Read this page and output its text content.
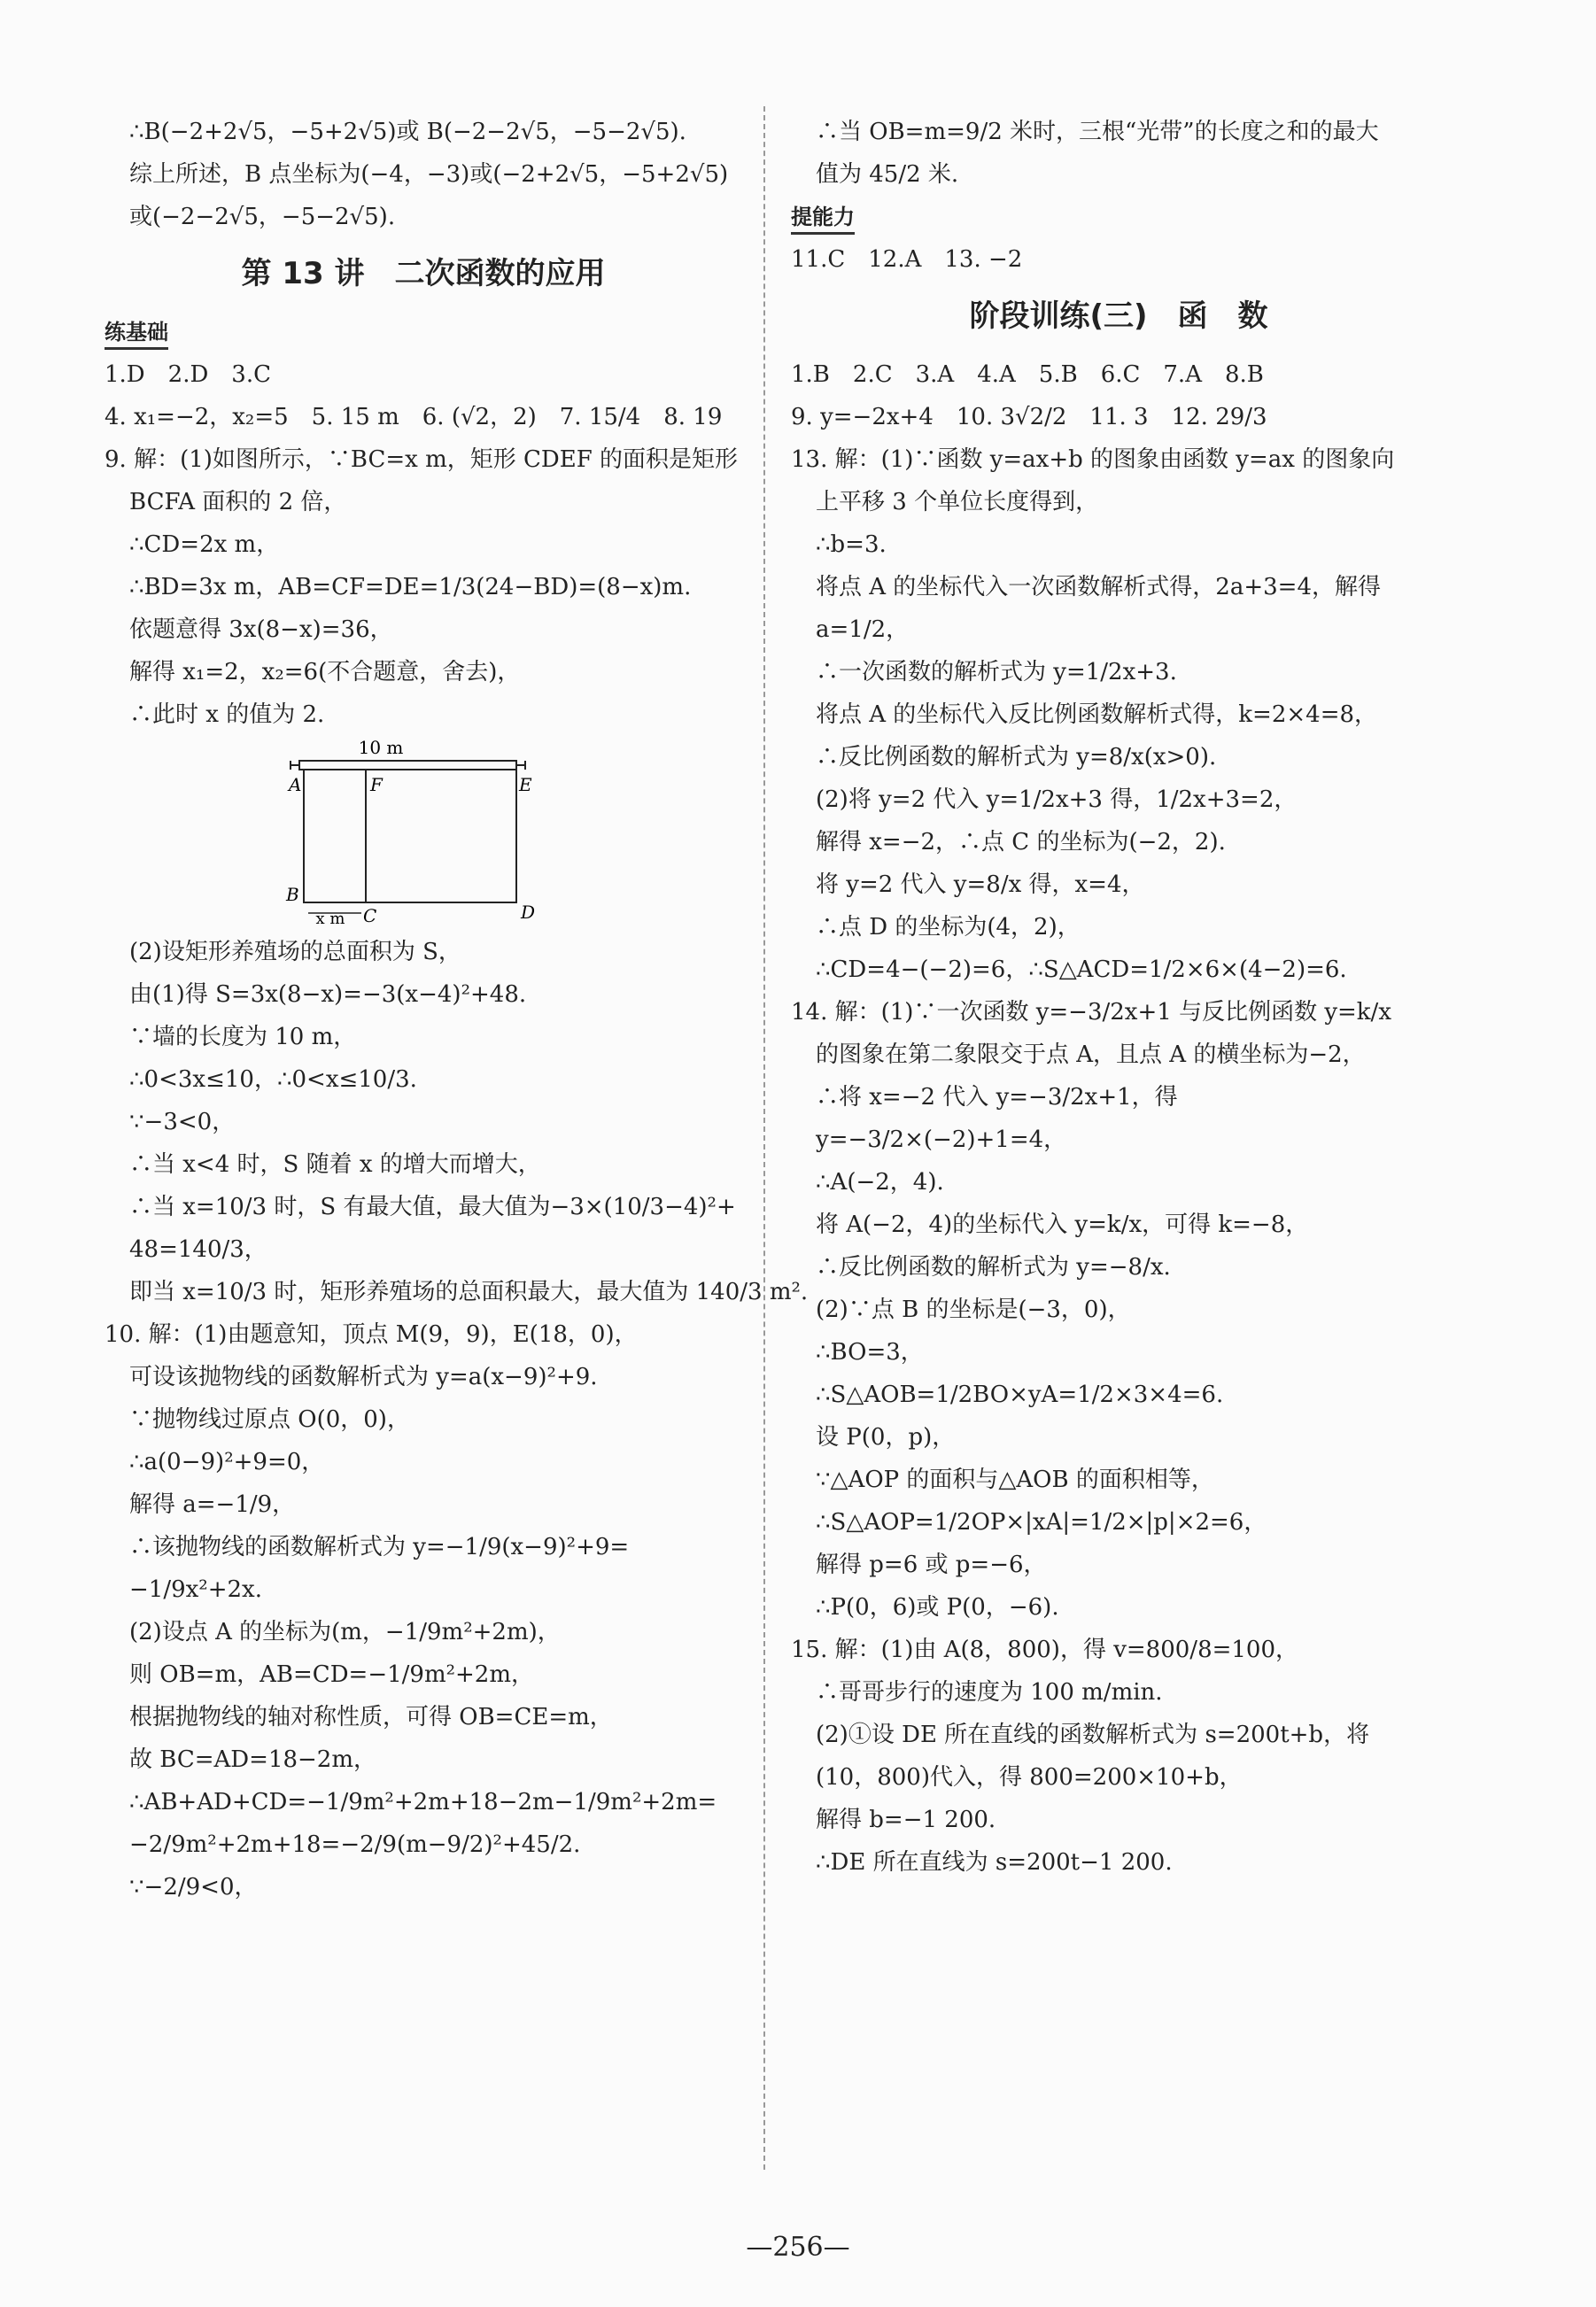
∴B(−2+2√5，−5+2√5)或 B(−2−2√5，−5−2√5).
综上所述，B 点坐标为(−4，−3)或(−2+2√5，−5+2√5)
或(−2−2√5，−5−2√5).
第 13 讲　二次函数的应用
练基础
1.D　2.D　3.C
4. x₁=−2，x₂=5　5. 15 m　6. (√2，2)　7. 15/4　8. 19
9. 解：(1)如图所示，∵BC=x m，矩形 CDEF 的面积是矩形
BCFA 面积的 2 倍，
∴CD=2x m，
∴BD=3x m，AB=CF=DE=1/3(24−BD)=(8−x)m.
依题意得 3x(8−x)=36，
解得 x₁=2，x₂=6(不合题意，舍去)，
∴此时 x 的值为 2.
10 m
A	F	E
B
C	D
x m
(2)设矩形养殖场的总面积为 S，
由(1)得 S=3x(8−x)=−3(x−4)²+48.
∵墙的长度为 10 m，
∴0<3x≤10，∴0<x≤10/3.
∵−3<0，
∴当 x<4 时，S 随着 x 的增大而增大，
∴当 x=10/3 时，S 有最大值，最大值为−3×(10/3−4)²+
48=140/3，
即当 x=10/3 时，矩形养殖场的总面积最大，最大值为 140/3 m².
10. 解：(1)由题意知，顶点 M(9，9)，E(18，0)，
可设该抛物线的函数解析式为 y=a(x−9)²+9.
∵抛物线过原点 O(0，0)，
∴a(0−9)²+9=0，
解得 a=−1/9，
∴该抛物线的函数解析式为 y=−1/9(x−9)²+9=
−1/9x²+2x.
(2)设点 A 的坐标为(m，−1/9m²+2m)，
则 OB=m，AB=CD=−1/9m²+2m，
根据抛物线的轴对称性质，可得 OB=CE=m，
故 BC=AD=18−2m，
∴AB+AD+CD=−1/9m²+2m+18−2m−1/9m²+2m=
−2/9m²+2m+18=−2/9(m−9/2)²+45/2.
∵−2/9<0，
∴当 OB=m=9/2 米时，三根“光带”的长度之和的最大
值为 45/2 米.
提能力
11.C　12.A　13. −2
阶段训练(三)　函　数
1.B　2.C　3.A　4.A　5.B　6.C　7.A　8.B
9. y=−2x+4　10. 3√2/2　11. 3　12. 29/3
13. 解：(1)∵函数 y=ax+b 的图象由函数 y=ax 的图象向
上平移 3 个单位长度得到，
∴b=3.
将点 A 的坐标代入一次函数解析式得，2a+3=4，解得
a=1/2，
∴一次函数的解析式为 y=1/2x+3.
将点 A 的坐标代入反比例函数解析式得，k=2×4=8，
∴反比例函数的解析式为 y=8/x(x>0).
(2)将 y=2 代入 y=1/2x+3 得，1/2x+3=2，
解得 x=−2，∴点 C 的坐标为(−2，2).
将 y=2 代入 y=8/x 得，x=4，
∴点 D 的坐标为(4，2)，
∴CD=4−(−2)=6，∴S△ACD=1/2×6×(4−2)=6.
14. 解：(1)∵一次函数 y=−3/2x+1 与反比例函数 y=k/x
的图象在第二象限交于点 A，且点 A 的横坐标为−2，
∴将 x=−2 代入 y=−3/2x+1，得
y=−3/2×(−2)+1=4，
∴A(−2，4).
将 A(−2，4)的坐标代入 y=k/x，可得 k=−8，
∴反比例函数的解析式为 y=−8/x.
(2)∵点 B 的坐标是(−3，0)，
∴BO=3，
∴S△AOB=1/2BO×yA=1/2×3×4=6.
设 P(0，p)，
∵△AOP 的面积与△AOB 的面积相等，
∴S△AOP=1/2OP×|xA|=1/2×|p|×2=6，
解得 p=6 或 p=−6，
∴P(0，6)或 P(0，−6).
15. 解：(1)由 A(8，800)，得 v=800/8=100，
∴哥哥步行的速度为 100 m/min.
(2)①设 DE 所在直线的函数解析式为 s=200t+b，将
(10，800)代入，得 800=200×10+b，
解得 b=−1 200.
∴DE 所在直线为 s=200t−1 200.
—256—
